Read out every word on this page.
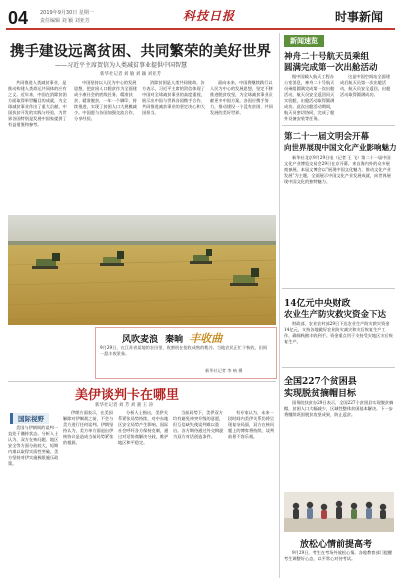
04 2019年9月30日 星期一
责任编辑 刘 颖 刘亚芳	科技日报	时事新闻
携手建设远离贫困、共同繁荣的美好世界
——习近平主席贺信为人类减贫事业提供中国智慧
新华社记者 刘 敏 刘 颖 刘亚芳

共同推进人类减贫事业，是推动构建人类命运共同体的应有之义。近年来，中国在消除贫困方面取得举世瞩目的成就，为全球减贫事业作出了重大贡献。中国扶贫开发的实践与经验，为世界各国特别是发展中国家提供了有益借鉴和参考。

中国坚持以人民为中心的发展思想，把贫困人口脱贫作为全面建成小康社会的底线任务，精准扶贫、精准脱贫，一年一个脚印，持续推进，实现了贫困人口大规模减少。中国愿与各国加强交流合作，分享经验。

消除贫困是人类共同使命。各方表示，习近平主席的贺信体现了中国对全球减贫事业的高度重视，展示出中国与世界各国携手合作、共同推进减贫事业的坚定决心和大国担当。

面向未来，中国将继续践行以人民为中心的发展思想，坚定不移推进脱贫攻坚，为全球减贫事业贡献更多中国方案。各国应携手努力，推动建设一个没有贫困、共同发展的美好世界。

风吹麦浪 秦晌 丰收曲
9月29日，在江苏省某地的农田里，收割机在抢收成熟的稻谷。当地农民正忙于秋收，田间一派丰收景象。
新华社记者 李 响 摄
新闻速览
神舟二十号航天员乘组
圆满完成第一次出舱活动

据中国载人航天工程办公室消息，神舟二十号航天员乘组圆满完成第一次出舱活动，航天员安全返回问天实验舱，出舱活动取得圆满成功。此次出舱活动期间，航天员密切协同，完成了舱外设备安装等任务。

这是中国空间站全面建成后航天员第一次出舱活动，航天员安全返回，出舱活动取得圆满成功。

第二十一届文明会开幕
向世界展现中国文化产业影响魅力

新华社北京9月29日电（记者 王 飞）第二十一届中国文化产业博览交易会29日在京开幕，来自海内外的众多展商参展。本届文博会以“展现中国文化魅力、推动文化产业发展”为主题，全面展示中国文化产业发展成就，向世界展现中国文化的独特魅力。

14亿元中央财政
农业生产防灾救灾资金下达

财政部、农业农村部29日下达农业生产防灾救灾资金14亿元，支持各地做好农业防灾减灾和灾后恢复生产工作，确保秋粮丰收到手。资金重点用于支持受灾地区灾后恢复生产。

全国227个贫困县
实现脱贫摘帽目标

国务院扶贫办29日表示，全国227个贫困县实现脱贫摘帽，贫困人口大幅减少，区域性整体贫困基本解决。下一步将继续巩固脱贫攻坚成果，防止返贫。

美伊谈判卡在哪里
新华社记者 刘 芳 刘 骏 王 涛
国际视野

美国与伊朗间的谈判一直处于僵持状态。分析人士认为，双方在核问题、地区安全等方面分歧较大，短期内难以取得实质性突破。美方坚持对伊实施极限施压政策。

伊朗方面表示，在美国解除对伊制裁之前，不会与美方进行任何谈判。伊朗坚持认为，美方单方面退出伊核协议是造成当前局势紧张的根源。

分析人士指出，美伊关系紧张局势持续，对中东地区安全局势产生影响。国际社会呼吁各方保持克制，通过对话协商解决分歧，维护地区和平稳定。

当前局势下，美伊双方均有避免冲突升级的意愿，但互信缺失使谈判难以重启。各方期待通过外交斡旋为双方对话创造条件。

有专家认为，未来一段时间内美伊关系仍将呈现复杂局面，双方在核问题上的博弈将持续，谈判前景不容乐观。

放松心情前提高考

9月29日，考生在考场外放松心情。各地教育部门提醒考生调整好心态，以平常心对待考试。
